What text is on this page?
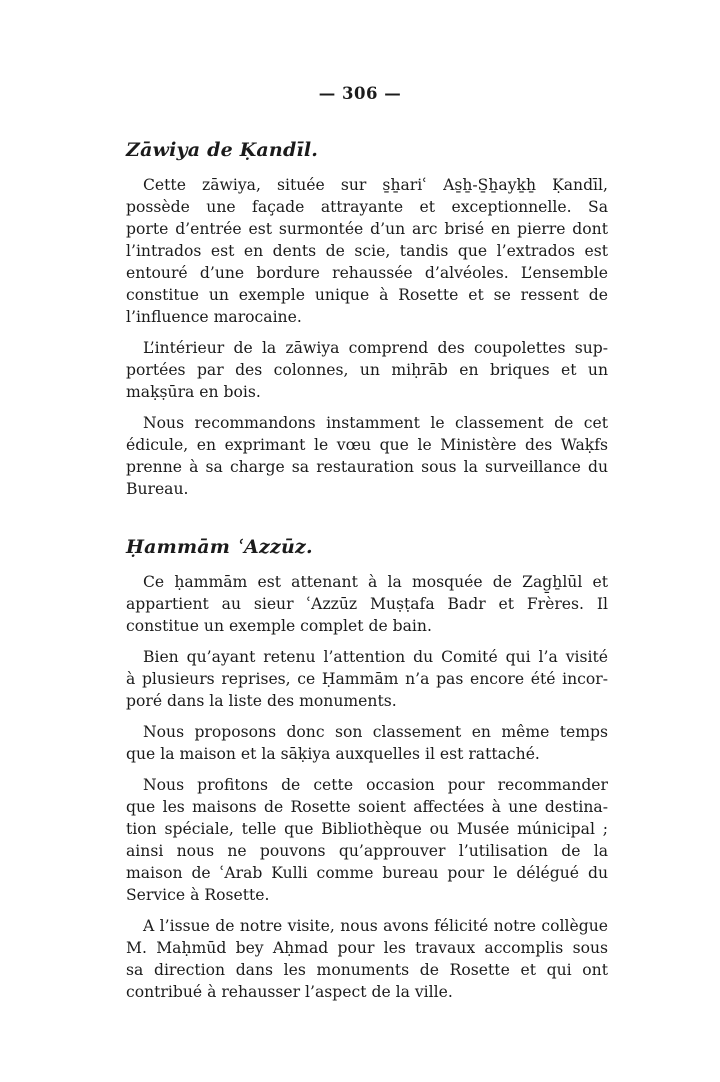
— 306 —
Zāwiya de Ḳandīl.

Cette zāwiya, située sur s̱ẖariʿ As̱ẖ-S̱ẖayḵẖ Ḳandīl,
possède une façade attrayante et exceptionnelle. Sa
porte d’entrée est surmontée d’un arc brisé en pierre dont
l’intrados est en dents de scie, tandis que l’extrados est
entouré d’une bordure rehaussée d’alvéoles. L’ensemble
constitue un exemple unique à Rosette et se ressent de
l’influence marocaine.

L’intérieur de la zāwiya comprend des coupolettes sup-
portées par des colonnes, un miḥrāb en briques et un
maḳṣūra en bois.

Nous recommandons instamment le classement de cet
édicule, en exprimant le vœu que le Ministère des Waḳfs
prenne à sa charge sa restauration sous la surveillance du
Bureau.

Ḥammām ʿAzzūz.

Ce ḥammām est attenant à la mosquée de Zag̱ẖlūl et
appartient au sieur ʿAzzūz Muṣṭafa Badr et Frères. Il
constitue un exemple complet de bain.

Bien qu’ayant retenu l’attention du Comité qui l’a visité
à plusieurs reprises, ce Ḥammām n’a pas encore été incor-
poré dans la liste des monuments.

Nous proposons donc son classement en même temps
que la maison et la sāḳiya auxquelles il est rattaché.

Nous profitons de cette occasion pour recommander
que les maisons de Rosette soient affectées à une destina-
tion spéciale, telle que Bibliothèque ou Musée múnicipal ;
ainsi nous ne pouvons qu’approuver l’utilisation de la
maison de ʿArab Kulli comme bureau pour le délégué du
Service à Rosette.

A l’issue de notre visite, nous avons félicité notre collègue
M. Maḥmūd bey Aḥmad pour les travaux accomplis sous
sa direction dans les monuments de Rosette et qui ont
contribué à rehausser l’aspect de la ville.
